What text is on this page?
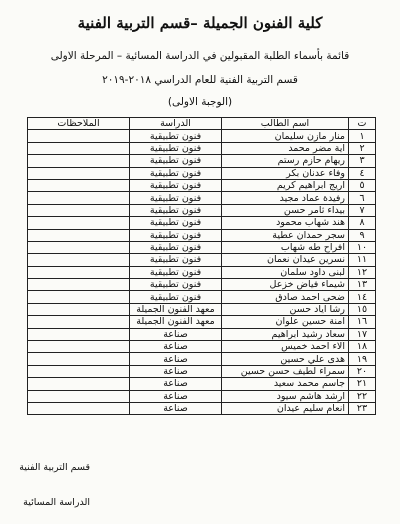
كلية الفنون الجميلة –قسم التربية الفنية
قائمة بأسماء الطلبة المقبولين في الدراسة المسائية – المرحلة الاولى
قسم التربية الفنية للعام الدراسي ٢٠١٨-٢٠١٩
(الوجبة الاولى)
ت	اسم الطالب	الدراسة	الملاحظات
١	منار مازن سليمان	فنون تطبيقية	
٢	اية مضر محمد	فنون تطبيقية	
٣	ريهام حازم رستم	فنون تطبيقية	
٤	وفاء عدنان بكر	فنون تطبيقية	
٥	اريج ابراهيم كريم	فنون تطبيقية	
٦	رفيدة عماد مجيد	فنون تطبيقية	
٧	بيداء ثامر حسن	فنون تطبيقية	
٨	هند شهاب محمود	فنون تطبيقية	
٩	سجر حمدان عطية	فنون تطبيقية	
١٠	افراح طه شهاب	فنون تطبيقية	
١١	نسرين عيدان نعمان	فنون تطبيقية	
١٢	لبنى داود سلمان	فنون تطبيقية	
١٣	شيماء فياض خزعل	فنون تطبيقية	
١٤	ضحى احمد صادق	فنون تطبيقية	
١٥	رشا اياد حسن	معهد الفنون الجميلة	
١٦	امنة حسين علوان	معهد الفنون الجميلة	
١٧	سعاد رشيد ابراهيم	صناعة	
١٨	آلاء احمد خميس	صناعة	
١٩	هدى علي حسين	صناعة	
٢٠	سمراء لطيف حسن حسين	صناعة	
٢١	جاسم محمد سعيد	صناعة	
٢٢	ارشد هاشم سيود	صناعة	
٢٣	انعام سليم عيدان	صناعة	
قسم التربية الفنية
الدراسة المسائية
